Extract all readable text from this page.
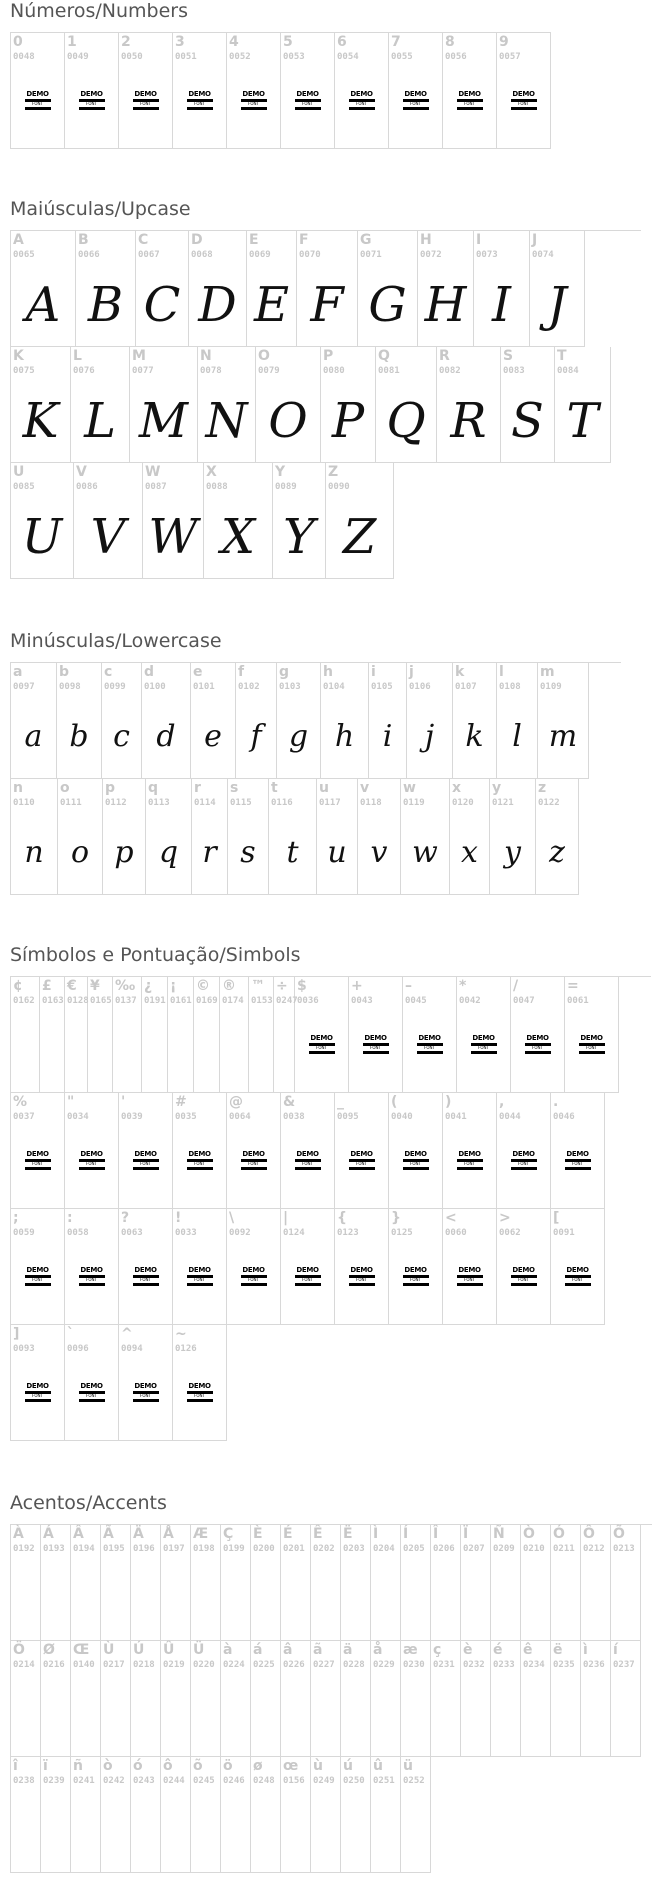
Números/Numbers
0
0048
DEMO
FONT
1
0049
DEMO
FONT
2
0050
DEMO
FONT
3
0051
DEMO
FONT
4
0052
DEMO
FONT
5
0053
DEMO
FONT
6
0054
DEMO
FONT
7
0055
DEMO
FONT
8
0056
DEMO
FONT
9
0057
DEMO
FONT
Maiúsculas/Upcase
A
0065
A
B
0066
B
C
0067
C
D
0068
D
E
0069
E
F
0070
F
G
0071
G
H
0072
H
I
0073
I
J
0074
J
K
0075
K
L
0076
L
M
0077
M
N
0078
N
O
0079
O
P
0080
P
Q
0081
Q
R
0082
R
S
0083
S
T
0084
T
U
0085
U
V
0086
V
W
0087
W
X
0088
X
Y
0089
Y
Z
0090
Z
Minúsculas/Lowercase
a
0097
a
b
0098
b
c
0099
c
d
0100
d
e
0101
e
f
0102
f
g
0103
g
h
0104
h
i
0105
i
j
0106
j
k
0107
k
l
0108
l
m
0109
m
n
0110
n
o
0111
o
p
0112
p
q
0113
q
r
0114
r
s
0115
s
t
0116
t
u
0117
u
v
0118
v
w
0119
w
x
0120
x
y
0121
y
z
0122
z
Símbolos e Pontuação/Simbols
¢
0162
£
0163
€
0128
¥
0165
‰
0137
¿
0191
¡
0161
©
0169
®
0174
™
0153
÷
0247
$
0036
DEMO
FONT
+
0043
DEMO
FONT
–
0045
DEMO
FONT
*
0042
DEMO
FONT
/
0047
DEMO
FONT
=
0061
DEMO
FONT
%
0037
DEMO
FONT
"
0034
DEMO
FONT
'
0039
DEMO
FONT
#
0035
DEMO
FONT
@
0064
DEMO
FONT
&
0038
DEMO
FONT
_
0095
DEMO
FONT
(
0040
DEMO
FONT
)
0041
DEMO
FONT
,
0044
DEMO
FONT
.
0046
DEMO
FONT
;
0059
DEMO
FONT
:
0058
DEMO
FONT
?
0063
DEMO
FONT
!
0033
DEMO
FONT
\
0092
DEMO
FONT
|
0124
DEMO
FONT
{
0123
DEMO
FONT
}
0125
DEMO
FONT
<
0060
DEMO
FONT
>
0062
DEMO
FONT
[
0091
DEMO
FONT
]
0093
DEMO
FONT
`
0096
DEMO
FONT
^
0094
DEMO
FONT
~
0126
DEMO
FONT
Acentos/Accents
À
0192
Á
0193
Â
0194
Ã
0195
Ä
0196
Å
0197
Æ
0198
Ç
0199
È
0200
É
0201
Ê
0202
Ë
0203
Ì
0204
Í
0205
Î
0206
Ï
0207
Ñ
0209
Ò
0210
Ó
0211
Ô
0212
Õ
0213
Ö
0214
Ø
0216
Œ
0140
Ù
0217
Ú
0218
Û
0219
Ü
0220
à
0224
á
0225
â
0226
ã
0227
ä
0228
å
0229
æ
0230
ç
0231
è
0232
é
0233
ê
0234
ë
0235
ì
0236
í
0237
î
0238
ï
0239
ñ
0241
ò
0242
ó
0243
ô
0244
õ
0245
ö
0246
ø
0248
œ
0156
ù
0249
ú
0250
û
0251
ü
0252
